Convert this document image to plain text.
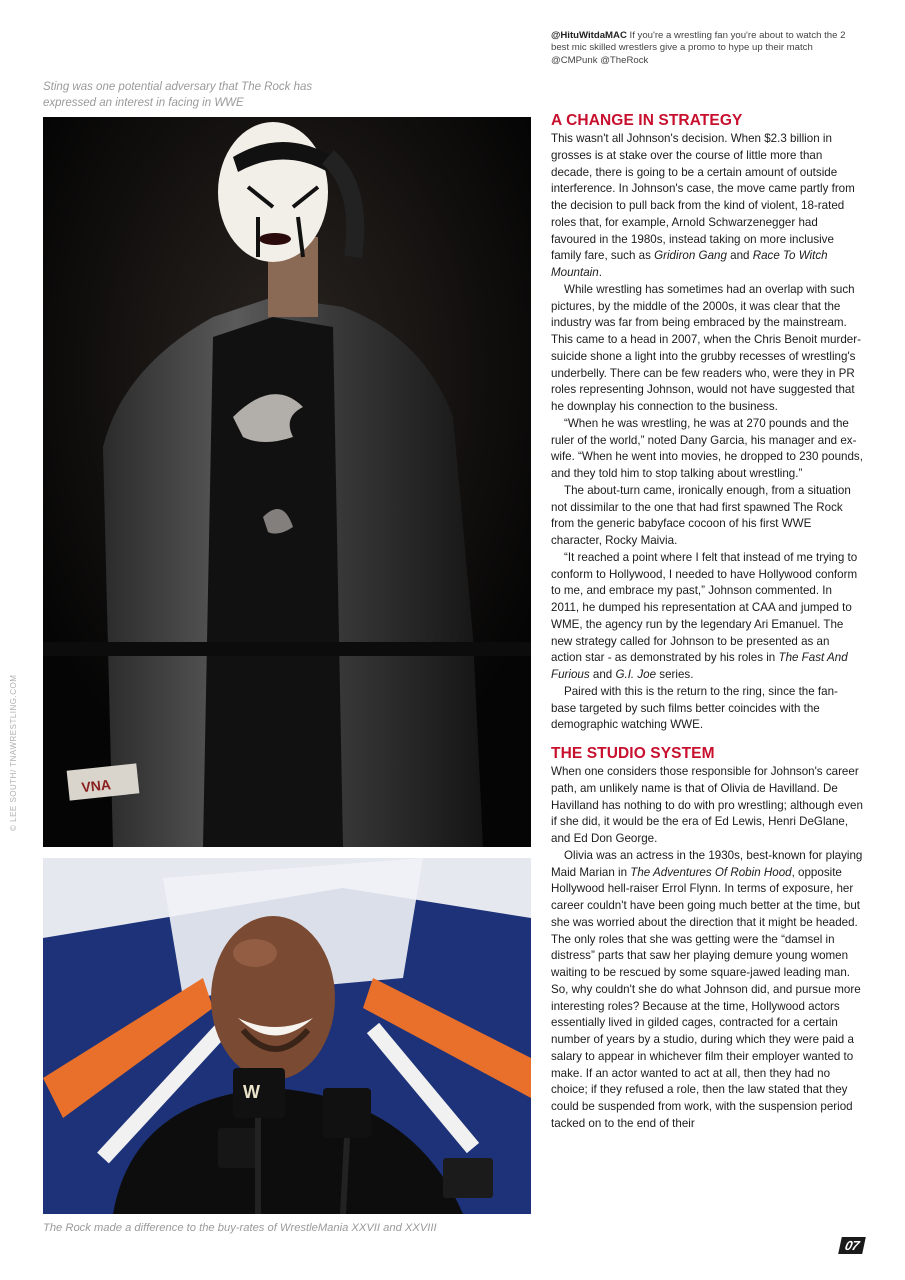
@HituWitdaMAC If you're a wrestling fan you're about to watch the 2 best mic skilled wrestlers give a promo to hype up their match @CMPunk @TheRock
Sting was one potential adversary that The Rock has expressed an interest in facing in WWE
VNA
© LEE SOUTH/ TNAWRESTLING.COM
W
The Rock made a difference to the buy-rates of WrestleMania XXVII and XXVIII
A CHANGE IN STRATEGY

This wasn't all Johnson's decision. When $2.3 billion in grosses is at stake over the course of little more than decade, there is going to be a certain amount of outside interference. In Johnson's case, the move came partly from the decision to pull back from the kind of violent, 18-rated roles that, for example, Arnold Schwarzenegger had favoured in the 1980s, instead taking on more inclusive family fare, such as Gridiron Gang and Race To Witch Mountain.

While wrestling has sometimes had an overlap with such pictures, by the middle of the 2000s, it was clear that the industry was far from being embraced by the mainstream. This came to a head in 2007, when the Chris Benoit murder-suicide shone a light into the grubby recesses of wrestling's underbelly. There can be few readers who, were they in PR roles representing Johnson, would not have suggested that he downplay his connection to the business.

“When he was wrestling, he was at 270 pounds and the ruler of the world,” noted Dany Garcia, his manager and ex-wife. “When he went into movies, he dropped to 230 pounds, and they told him to stop talking about wrestling.”

The about-turn came, ironically enough, from a situation not dissimilar to the one that had first spawned The Rock from the generic babyface cocoon of his first WWE character, Rocky Maivia.

“It reached a point where I felt that instead of me trying to conform to Hollywood, I needed to have Hollywood conform to me, and embrace my past,” Johnson commented. In 2011, he dumped his representation at CAA and jumped to WME, the agency run by the legendary Ari Emanuel. The new strategy called for Johnson to be presented as an action star - as demonstrated by his roles in The Fast And Furious and G.I. Joe series.

Paired with this is the return to the ring, since the fan-base targeted by such films better coincides with the demographic watching WWE.

THE STUDIO SYSTEM

When one considers those responsible for Johnson's career path, am unlikely name is that of Olivia de Havilland. De Havilland has nothing to do with pro wrestling; although even if she did, it would be the era of Ed Lewis, Henri DeGlane, and Ed Don George.

Olivia was an actress in the 1930s, best-known for playing Maid Marian in The Adventures Of Robin Hood, opposite Hollywood hell-raiser Errol Flynn. In terms of exposure, her career couldn't have been going much better at the time, but she was worried about the direction that it might be headed. The only roles that she was getting were the “damsel in distress” parts that saw her playing demure young women waiting to be rescued by some square-jawed leading man. So, why couldn't she do what Johnson did, and pursue more interesting roles? Because at the time, Hollywood actors essentially lived in gilded cages, contracted for a certain number of years by a studio, during which they were paid a salary to appear in whichever film their employer wanted to make. If an actor wanted to act at all, then they had no choice; if they refused a role, then the law stated that they could be suspended from work, with the suspension period tacked on to the end of their

07
